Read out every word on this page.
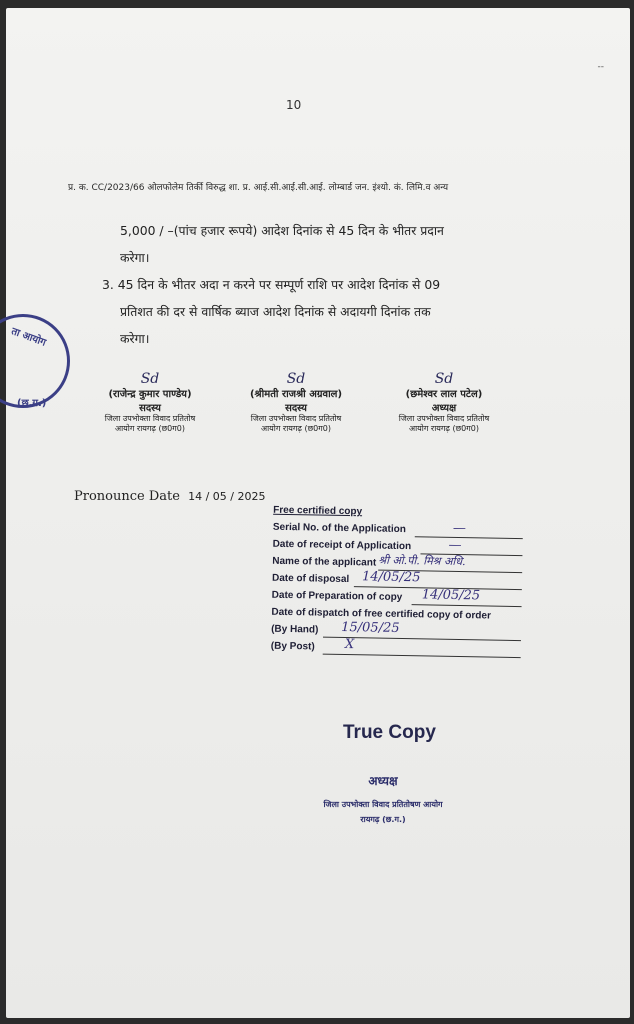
--
10
प्र. क. CC/2023/66 ओलफोलेम तिर्की विरुद्ध शा. प्र. आई.सी.आई.सी.आई. लोम्बार्ड जन. इंश्यो. कं. लिमि.व अन्य
5,000 / –(पांच हजार रूपये) आदेश दिनांक से 45 दिन के भीतर प्रदान
करेगा।
3. 45 दिन के भीतर अदा न करने पर सम्पूर्ण राशि पर आदेश दिनांक से 09
प्रतिशत की दर से वार्षिक ब्याज आदेश दिनांक से अदायगी दिनांक तक
करेगा।
ता आयोग
(छ.ग.)
Sd
(राजेन्द्र कुमार पाण्डेय)
सदस्य
जिला उपभोक्ता विवाद प्रतितोष
आयोग रायगढ़ (छ0ग0)
Sd
(श्रीमती राजश्री अग्रवाल)
सदस्य
जिला उपभोक्ता विवाद प्रतितोष
आयोग रायगढ़ (छ0ग0)
Sd
(छमेश्वर लाल पटेल)
अध्यक्ष
जिला उपभोक्ता विवाद प्रतितोष
आयोग रायगढ़ (छ0ग0)
Pronounce Date 14 / 05 / 2025
Free certified copy
Serial No. of the Application	—
Date of receipt of Application	—
Name of the applicant श्री ओ.पी. मिश्र अधि.
Date of disposal 14/05/25
Date of Preparation of copy 14/05/25
Date of dispatch of free certified copy of order
(By Hand) 15/05/25
(By Post) X
True Copy
अध्यक्ष
जिला उपभोक्ता विवाद प्रतितोषण आयोग
रायगढ़ (छ.ग.)
